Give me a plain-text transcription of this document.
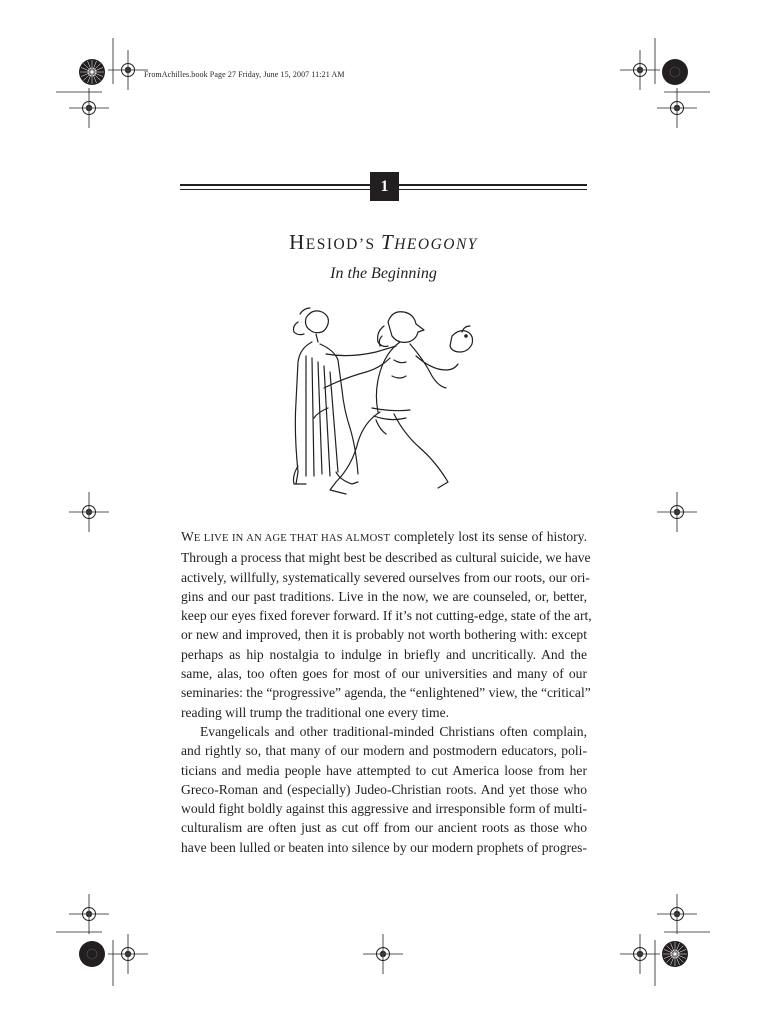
FromAchilles.book Page 27 Friday, June 15, 2007 11:21 AM
1
HESIOD’S THEOGONY
In the Beginning
WE LIVE IN AN AGE THAT HAS ALMOST completely lost its sense of history.
Through a process that might best be described as cultural suicide, we have
actively, willfully, systematically severed ourselves from our roots, our ori-
gins and our past traditions. Live in the now, we are counseled, or, better,
keep our eyes fixed forever forward. If it’s not cutting-edge, state of the art,
or new and improved, then it is probably not worth bothering with: except
perhaps as hip nostalgia to indulge in briefly and uncritically. And the
same, alas, too often goes for most of our universities and many of our
seminaries: the “progressive” agenda, the “enlightened” view, the “critical”
reading will trump the traditional one every time.
Evangelicals and other traditional-minded Christians often complain,
and rightly so, that many of our modern and postmodern educators, poli-
ticians and media people have attempted to cut America loose from her
Greco-Roman and (especially) Judeo-Christian roots. And yet those who
would fight boldly against this aggressive and irresponsible form of multi-
culturalism are often just as cut off from our ancient roots as those who
have been lulled or beaten into silence by our modern prophets of progres-
